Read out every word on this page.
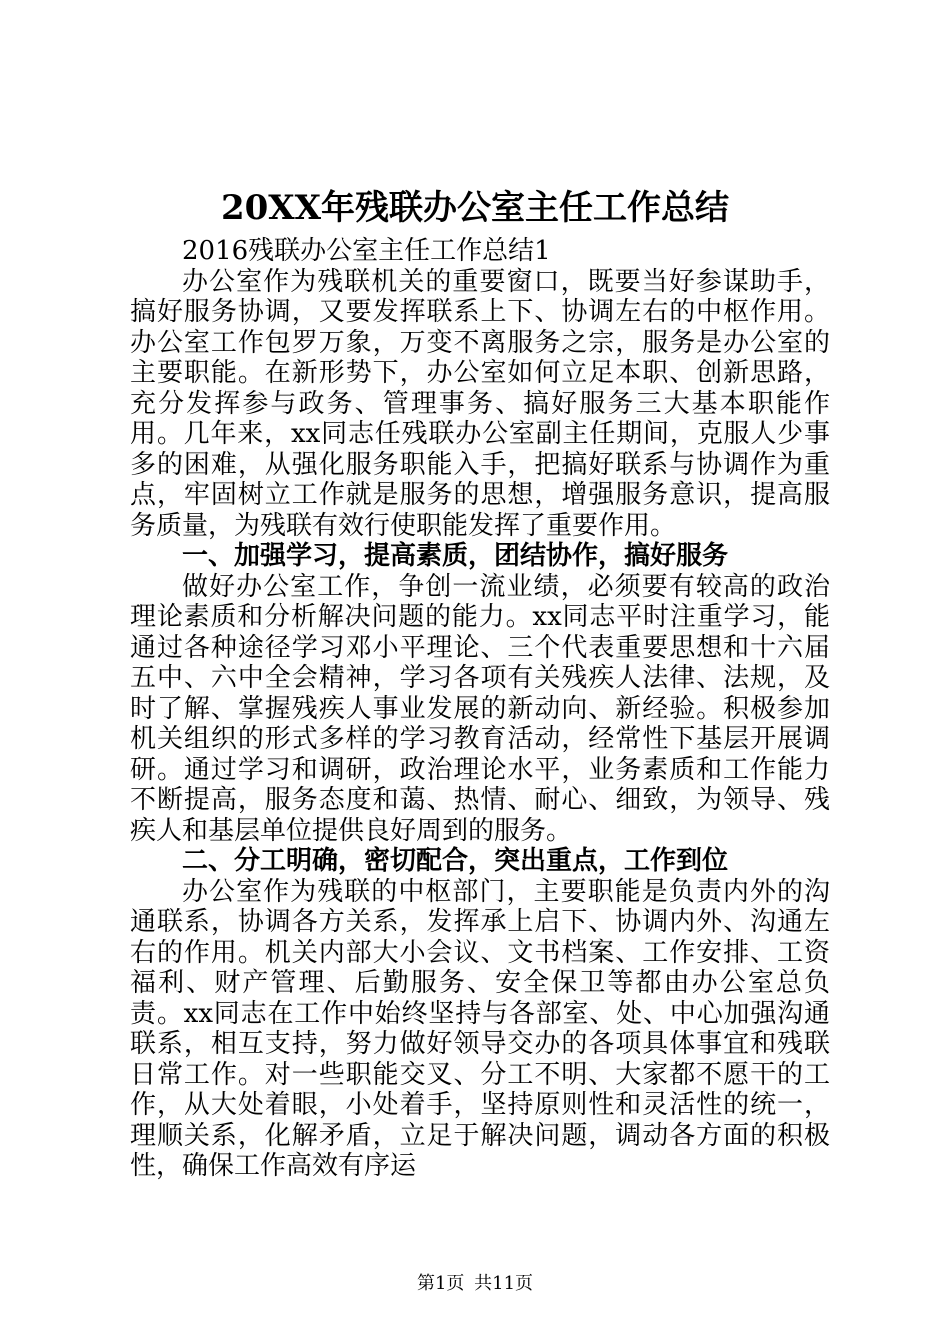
20XX年残联办公室主任工作总结

2016残联办公室主任工作总结1

办公室作为残联机关的重要窗口，既要当好参谋助手，搞好服务协调，又要发挥联系上下、协调左右的中枢作用。办公室工作包罗万象，万变不离服务之宗，服务是办公室的主要职能。在新形势下，办公室如何立足本职、创新思路，充分发挥参与政务、管理事务、搞好服务三大基本职能作用。几年来，xx同志任残联办公室副主任期间，克服人少事多的困难，从强化服务职能入手，把搞好联系与协调作为重点，牢固树立工作就是服务的思想，增强服务意识，提高服务质量，为残联有效行使职能发挥了重要作用。

一、加强学习，提高素质，团结协作，搞好服务

做好办公室工作，争创一流业绩，必须要有较高的政治理论素质和分析解决问题的能力。xx同志平时注重学习，能通过各种途径学习邓小平理论、三个代表重要思想和十六届五中、六中全会精神，学习各项有关残疾人法律、法规，及时了解、掌握残疾人事业发展的新动向、新经验。积极参加机关组织的形式多样的学习教育活动，经常性下基层开展调研。通过学习和调研，政治理论水平，业务素质和工作能力不断提高，服务态度和蔼、热情、耐心、细致，为领导、残疾人和基层单位提供良好周到的服务。

二、分工明确，密切配合，突出重点，工作到位

办公室作为残联的中枢部门，主要职能是负责内外的沟通联系，协调各方关系，发挥承上启下、协调内外、沟通左右的作用。机关内部大小会议、文书档案、工作安排、工资福利、财产管理、后勤服务、安全保卫等都由办公室总负责。xx同志在工作中始终坚持与各部室、处、中心加强沟通联系，相互支持，努力做好领导交办的各项具体事宜和残联日常工作。对一些职能交叉、分工不明、大家都不愿干的工作，从大处着眼，小处着手，坚持原则性和灵活性的统一，理顺关系，化解矛盾，立足于解决问题，调动各方面的积极性，确保工作高效有序运

第1页 共11页
